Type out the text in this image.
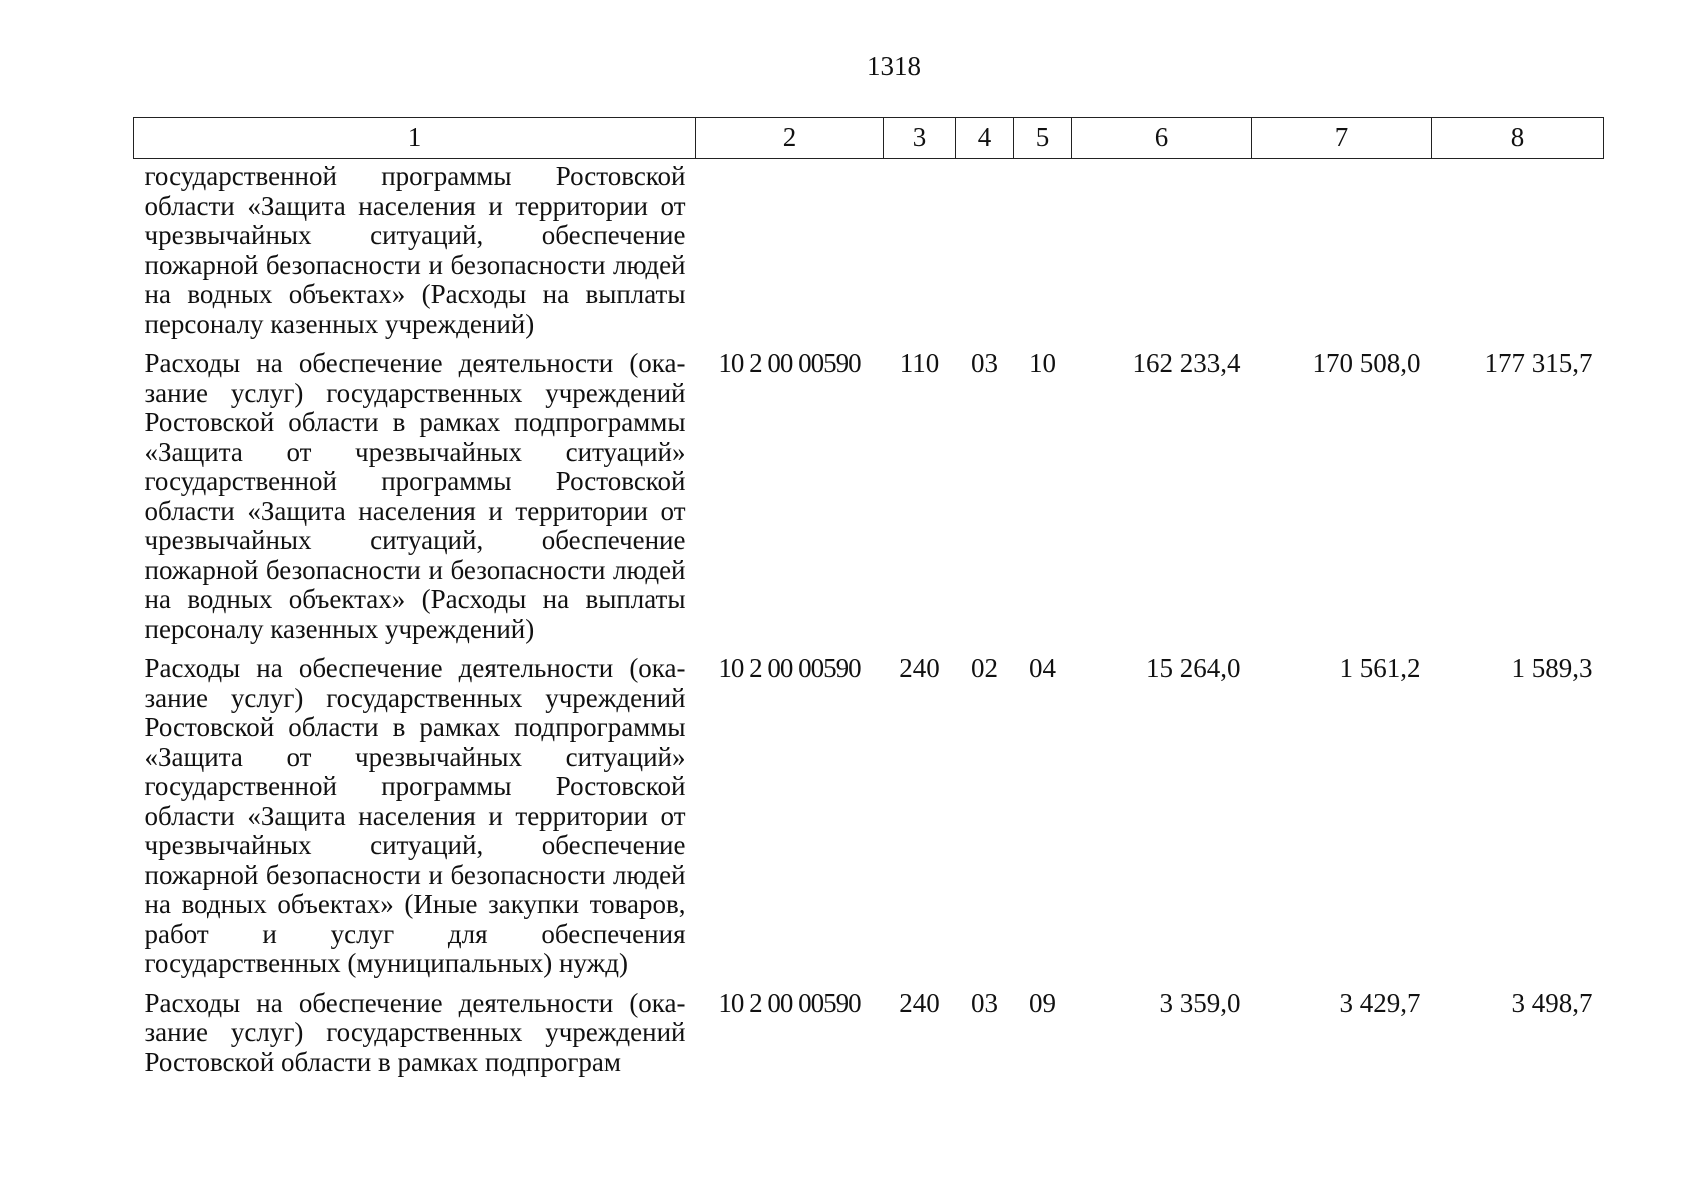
1318
1	2	3	4	5	6	7	8
государственной программы Ростовской области «Защита населения и территории от чрезвычайных ситуаций, обеспечение пожарной безопасности и безопасности людей на водных объектах» (Расходы на выплаты персоналу казенных учреждений)							
Расходы на обеспечение деятельности (оказание услуг) государственных учреждений Ростовской области в рамках подпрограммы «Защита от чрезвычайных ситуаций» государственной программы Ростовской области «Защита населения и территории от чрезвычайных ситуаций, обеспечение пожарной безопасности и безопасности людей на водных объектах» (Расходы на выплаты персоналу казенных учреждений)	10 2 00 00590	110	03	10	162 233,4	170 508,0	177 315,7
Расходы на обеспечение деятельности (оказание услуг) государственных учреждений Ростовской области в рамках подпрограммы «Защита от чрезвычайных ситуаций» государственной программы Ростовской области «Защита населения и территории от чрезвычайных ситуаций, обеспечение пожарной безопасности и безопасности людей на водных объектах» (Иные закупки товаров, работ и услуг для обеспечения государственных (муниципальных) нужд)	10 2 00 00590	240	02	04	15 264,0	1 561,2	1 589,3
Расходы на обеспечение деятельности (оказание услуг) государственных учреждений Ростовской области в рамках подпрограм	10 2 00 00590	240	03	09	3 359,0	3 429,7	3 498,7
